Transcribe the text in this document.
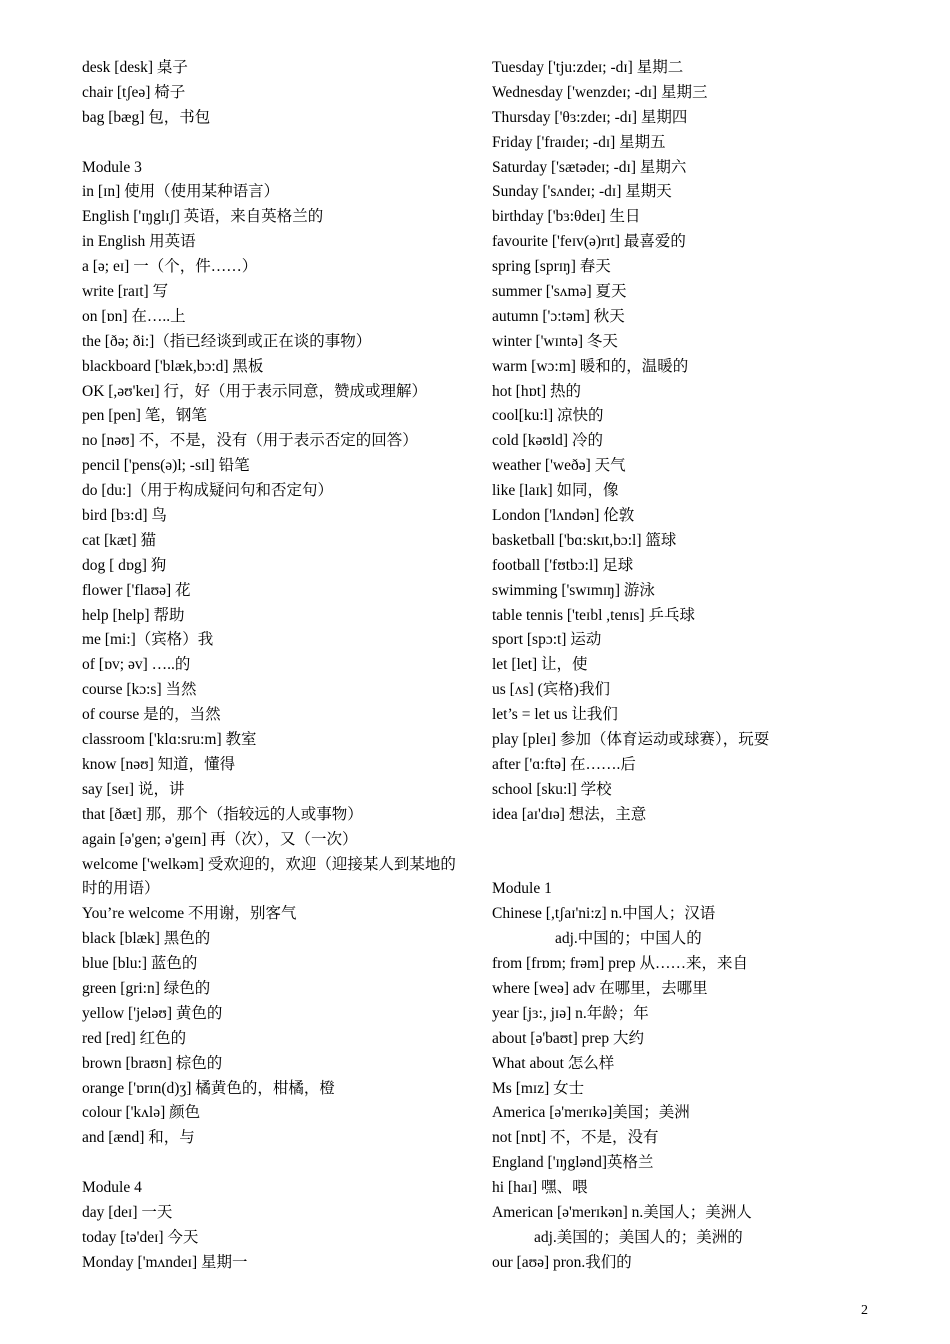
desk [desk] 桌子
chair [tʃeə] 椅子
bag [bæg] 包，书包
Module 3
in [ɪn] 使用（使用某种语言）
English ['ɪŋglɪʃ] 英语，来自英格兰的
in English 用英语
a [ə; eɪ] 一（个，件……）
write [raɪt] 写
on [ɒn] 在…..上
the [ðə; ði:]（指已经谈到或正在谈的事物）
blackboard ['blæk,bɔ:d] 黑板
OK [,əʊ'keɪ] 行，好（用于表示同意，赞成或理解）
pen [pen] 笔，钢笔
no [nəʊ] 不，不是，没有（用于表示否定的回答）
pencil ['pens(ə)l; -sɪl] 铅笔
do [du:]（用于构成疑问句和否定句）
bird [bɜ:d] 鸟
cat [kæt] 猫
dog [ dɒg] 狗
flower ['flaʊə] 花
help [help] 帮助
me [mi:]（宾格）我
of [ɒv; əv] …..的
course [kɔ:s] 当然
of course 是的，当然
classroom ['klɑ:sru:m] 教室
know [nəʊ] 知道，懂得
say [seɪ] 说，讲
that [ðæt] 那，那个（指较远的人或事物）
again [ə'gen; ə'geɪn] 再（次），又（一次）
welcome ['welkəm] 受欢迎的，欢迎（迎接某人到某地的时的用语）
You’re welcome 不用谢，别客气
black [blæk] 黑色的
blue [blu:] 蓝色的
green [gri:n] 绿色的
yellow ['jeləʊ] 黄色的
red [red] 红色的
brown [braʊn] 棕色的
orange ['ɒrɪn(d)ʒ] 橘黄色的，柑橘，橙
colour ['kʌlə] 颜色
and [ænd] 和，与
Module 4
day [deɪ] 一天
today [tə'deɪ] 今天
Monday ['mʌndeɪ] 星期一
Tuesday ['tju:zdeɪ; -dɪ] 星期二
Wednesday ['wenzdeɪ; -dɪ] 星期三
Thursday ['θɜ:zdeɪ; -dɪ] 星期四
Friday ['fraɪdeɪ; -dɪ] 星期五
Saturday ['sætədeɪ; -dɪ] 星期六
Sunday ['sʌndeɪ; -dɪ] 星期天
birthday ['bɜ:θdeɪ] 生日
favourite ['feɪv(ə)rɪt] 最喜爱的
spring [sprɪŋ] 春天
summer ['sʌmə] 夏天
autumn ['ɔ:təm] 秋天
winter ['wɪntə] 冬天
warm [wɔ:m] 暖和的，温暖的
hot [hɒt] 热的
cool[ku:l] 凉快的
cold [kəʊld] 冷的
weather ['weðə] 天气
like [laɪk] 如同，像
London ['lʌndən] 伦敦
basketball ['bɑ:skɪt,bɔ:l] 篮球
football ['fʊtbɔ:l] 足球
swimming ['swɪmɪŋ] 游泳
table tennis ['teɪbl ,tenɪs] 乒乓球
sport [spɔ:t] 运动
let [let] 让，使
us [ʌs] (宾格)我们
let’s = let us 让我们
play [pleɪ] 参加（体育运动或球赛），玩耍
after ['ɑ:ftə] 在…….后
school [sku:l] 学校
idea [aɪ'dɪə] 想法，主意
Module 1
Chinese [,tʃaɪ'ni:z] n.中国人；汉语
adj.中国的；中国人的
from [frɒm; frəm] prep 从……来，来自
where [weə] adv 在哪里，去哪里
year [jɜ:, jɪə] n.年龄；年
about [ə'baʊt] prep 大约
What about 怎么样
Ms [mɪz] 女士
America [ə'merɪkə]美国；美洲
not [nɒt] 不，不是，没有
England ['ɪŋglənd]英格兰
hi [haɪ] 嘿、喂
American [ə'merɪkən] n.美国人；美洲人
adj.美国的；美国人的；美洲的
our [aʊə] pron.我们的
2
